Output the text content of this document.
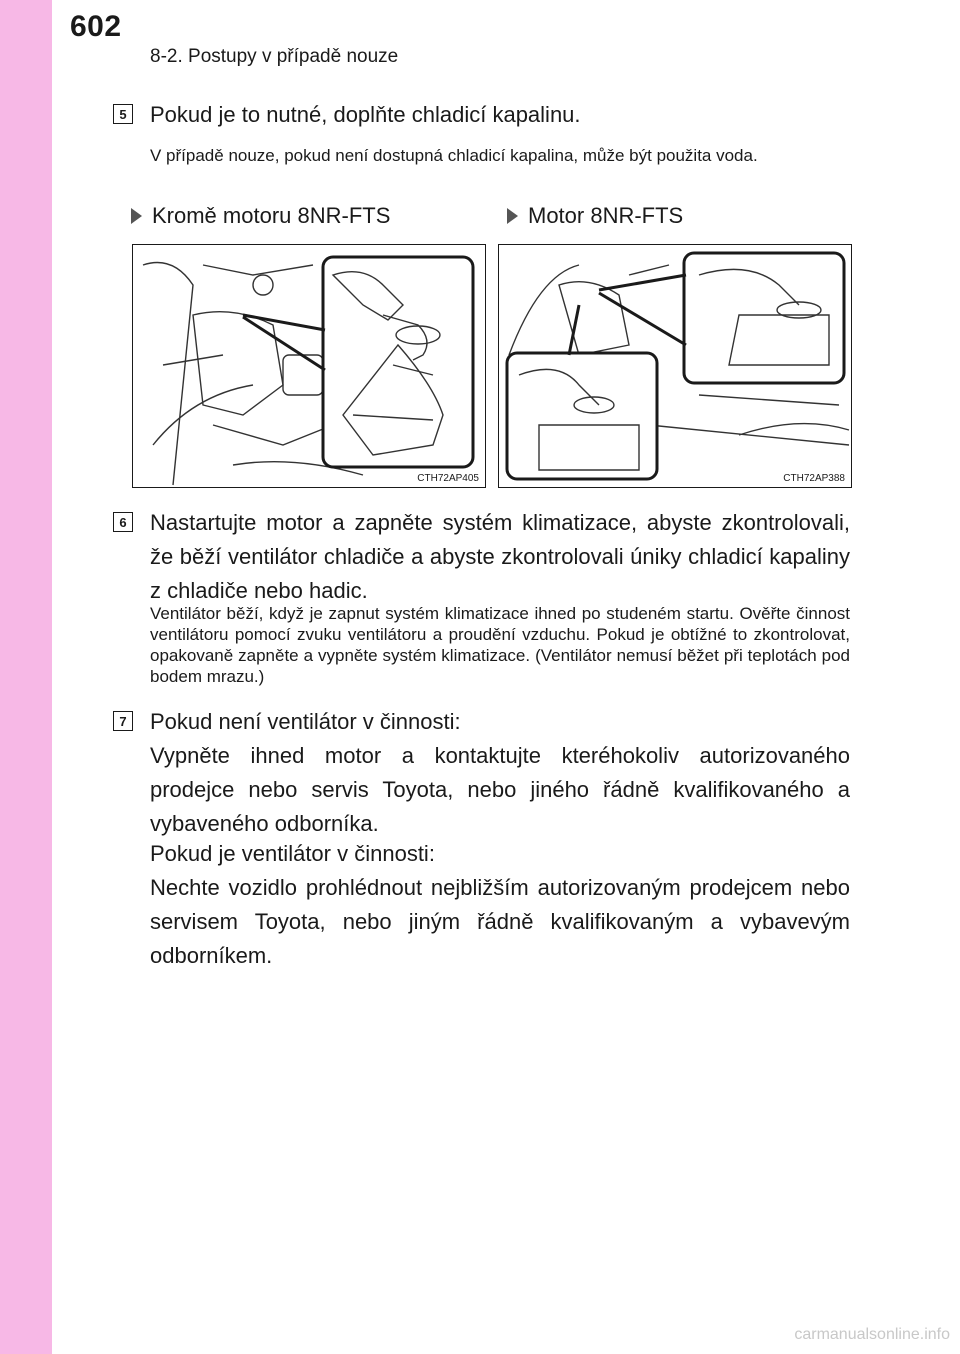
602
8-2. Postupy v případě nouze
5 Pokud je to nutné, doplňte chladicí kapalinu.
V případě nouze, pokud není dostupná chladicí kapalina, může být použita voda.
Kromě motoru 8NR-FTS	Motor 8NR-FTS
CTH72AP405	CTH72AP388
6 Nastartujte motor a zapněte systém klimatizace, abyste zkontrolovali, že běží ventilátor chladiče a abyste zkontrolovali úniky chladicí kapaliny z chladiče nebo hadic.
Ventilátor běží, když je zapnut systém klimatizace ihned po studeném startu. Ověřte činnost ventilátoru pomocí zvuku ventilátoru a proudění vzduchu. Pokud je obtížné to zkontrolovat, opakovaně zapněte a vypněte systém klimatizace. (Ventilátor nemusí běžet při teplotách pod bodem mrazu.)
7 Pokud není ventilátor v činnosti:
Vypněte ihned motor a kontaktujte kteréhokoliv autorizovaného prodejce nebo servis Toyota, nebo jiného řádně kvalifikovaného a vybaveného odborníka.
Pokud je ventilátor v činnosti:
Nechte vozidlo prohlédnout nejbližším autorizovaným prodejcem nebo servisem Toyota, nebo jiným řádně kvalifikovaným a vybavevým odborníkem.
carmanualsonline.info
